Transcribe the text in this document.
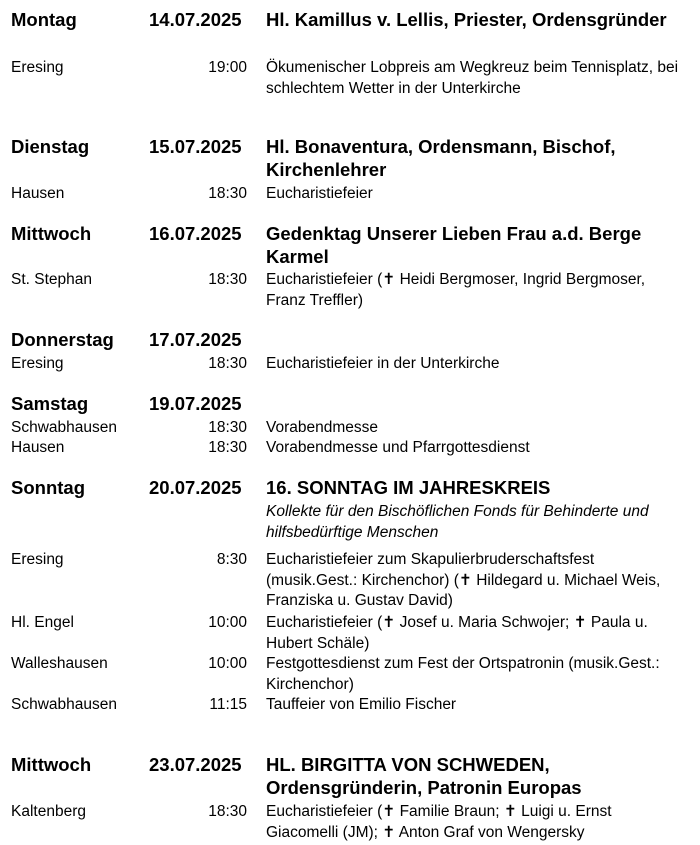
Montag	14.07.2025	Hl. Kamillus v. Lellis, Priester, Ordensgründer
Eresing	19:00 Ökumenischer Lobpreis am Wegkreuz beim Tennisplatz, bei schlechtem Wetter in der Unterkirche
Dienstag	15.07.2025	Hl. Bonaventura, Ordensmann, Bischof, Kirchenlehrer
Hausen	18:30 Eucharistiefeier
Mittwoch	16.07.2025	Gedenktag Unserer Lieben Frau a.d. Berge Karmel
St. Stephan	18:30 Eucharistiefeier (✝ Heidi Bergmoser, Ingrid Bergmoser, Franz Treffler)
Donnerstag	17.07.2025
Eresing	18:30 Eucharistiefeier in der Unterkirche
Samstag	19.07.2025
Schwabhausen	18:30 Vorabendmesse
Hausen	18:30 Vorabendmesse und Pfarrgottesdienst
Sonntag	20.07.2025	16. SONNTAG IM JAHRESKREIS
Kollekte für den Bischöflichen Fonds für Behinderte und hilfsbedürftige Menschen
Eresing	8:30 Eucharistiefeier zum Skapulierbruderschaftsfest (musik.Gest.: Kirchenchor) (✝ Hildegard u. Michael Weis, Franziska u. Gustav David)
Hl. Engel	10:00 Eucharistiefeier (✝ Josef u. Maria Schwojer; ✝ Paula u. Hubert Schäle)
Walleshausen	10:00 Festgottesdienst zum Fest der Ortspatronin (musik.Gest.: Kirchenchor)
Schwabhausen	11:15 Tauffeier von Emilio Fischer
Mittwoch	23.07.2025	HL. BIRGITTA VON SCHWEDEN, Ordensgründerin, Patronin Europas
Kaltenberg	18:30 Eucharistiefeier (✝ Familie Braun; ✝ Luigi u. Ernst Giacomelli (JM); ✝ Anton Graf von Wengersky
